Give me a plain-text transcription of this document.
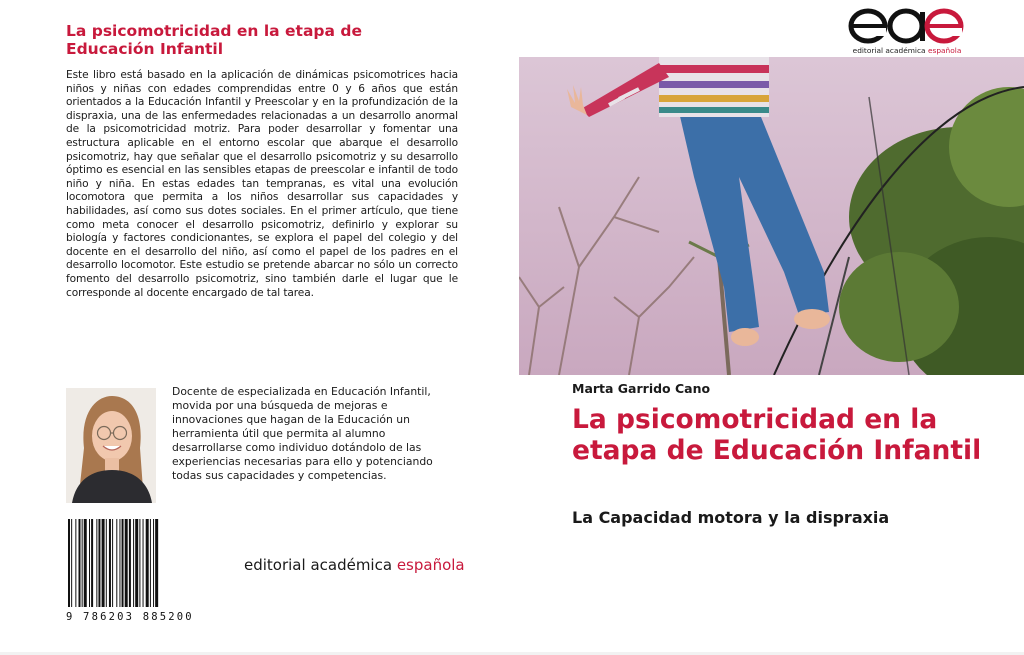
La psicomotricidad en la etapa de Educación Infantil

Este libro está basado en la aplicación de dinámicas psicomotrices hacia niños y niñas con edades comprendidas entre 0 y 6 años que están orientados a la Educación Infantil y Preescolar y en la profundización de la dispraxia, una de las enfermedades relacionadas a un desarrollo anormal de la psicomotricidad motriz. Para poder desarrollar y fomentar una estructura aplicable en el entorno escolar que abarque el desarrollo psicomotriz, hay que señalar que el desarrollo psicomotriz y su desarrollo óptimo es esencial en las sensibles etapas de preescolar e infantil de todo niño y niña. En estas edades tan tempranas, es vital una evolución locomotora que permita a los niños desarrollar sus capacidades y habilidades, así como sus dotes sociales. En el primer artículo, que tiene como meta conocer el desarrollo psicomotriz, definirlo y explorar su biología y factores condicionantes, se explora el papel del colegio y del docente en el desarrollo del niño, así como el papel de los padres en el desarrollo locomotor. Este estudio se pretende abarcar no sólo un correcto fomento del desarrollo psicomotriz, sino también darle el lugar que le corresponde al docente encargado de tal tarea.

Docente de especializada en Educación Infantil, movida por una búsqueda de mejoras e innovaciones que hagan de la Educación un herramienta útil que permita al alumno desarrollarse como individuo dotándolo de las experiencias necesarias para ello y potenciando todas sus capacidades y competencias.
9 786203 885200
editorial académica española
editorial académica española
Marta Garrido Cano
La psicomotricidad en la etapa de Educación Infantil
La Capacidad motora y la dispraxia
